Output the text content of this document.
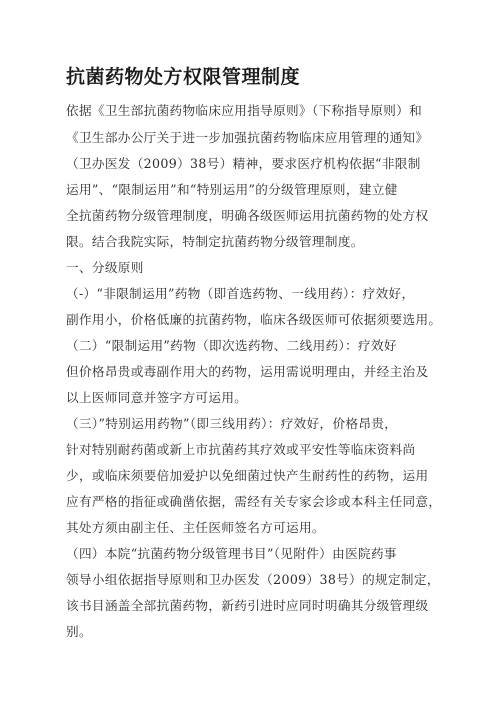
抗菌药物处方权限管理制度
依据《卫生部抗菌药物临床应用指导原则》（下称指导原则）和
《卫生部办公厅关于进一步加强抗菌药物临床应用管理的通知》
（卫办医发（2009）38号）精神，要求医疗机构依据“非限制
运用”、“限制运用”和“特别运用”的分级管理原则，建立健
全抗菌药物分级管理制度，明确各级医师运用抗菌药物的处方权
限。结合我院实际，特制定抗菌药物分级管理制度。
一、分级原则
（-）“非限制运用”药物（即首选药物、一线用药）：疗效好，
副作用小，价格低廉的抗菌药物，临床各级医师可依据须要选用。
（二）“限制运用”药物（即次选药物、二线用药）：疗效好
但价格昂贵或毒副作用大的药物，运用需说明理由，并经主治及
以上医师同意并签字方可运用。
（三）”特别运用药物”（即三线用药）：疗效好，价格昂贵，
针对特别耐药菌或新上市抗菌药其疗效或平安性等临床资料尚
少，或临床须要倍加爱护以免细菌过快产生耐药性的药物，运用
应有严格的指征或确凿依据，需经有关专家会诊或本科主任同意，
其处方须由副主任、主任医师签名方可运用。
（四）本院“抗菌药物分级管理书目”（见附件）由医院药事
领导小组依据指导原则和卫办医发（2009）38号）的规定制定，
该书目涵盖全部抗菌药物，新药引进时应同时明确其分级管理级
别。
